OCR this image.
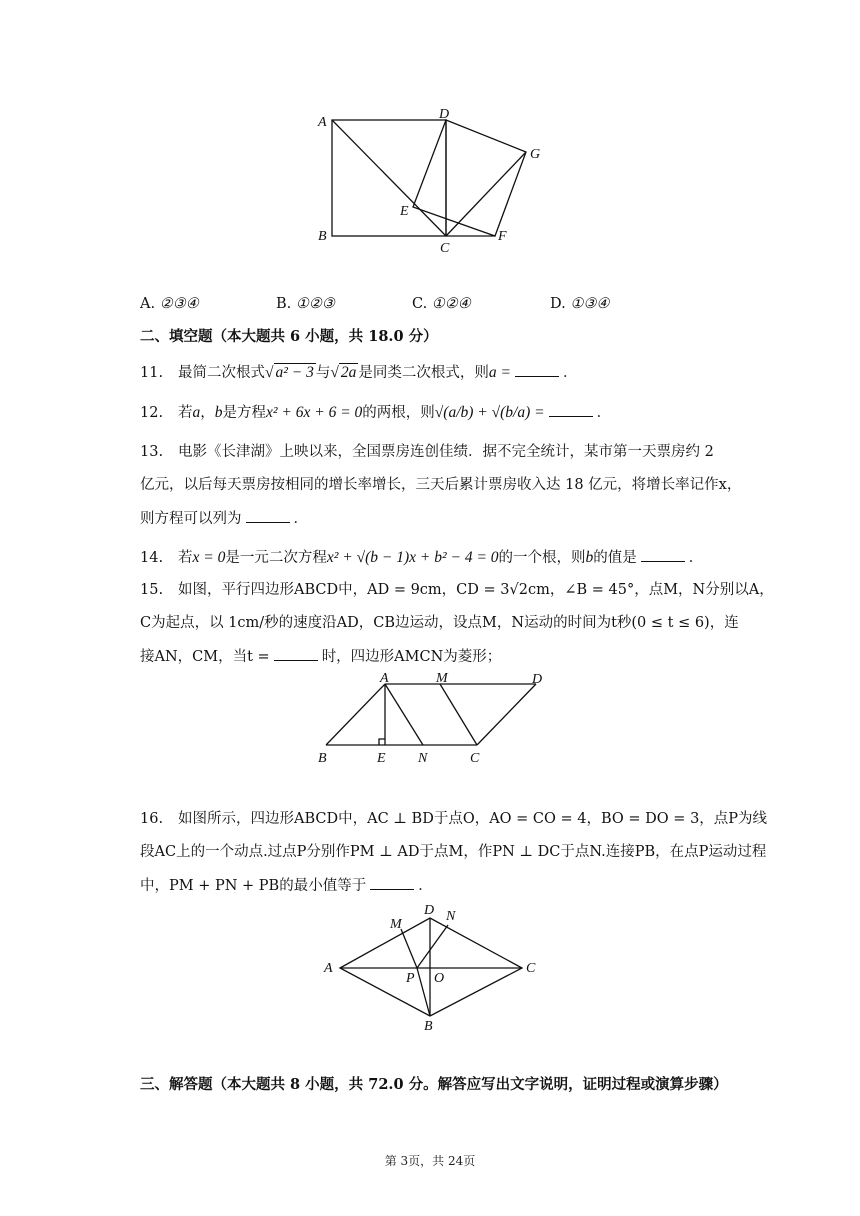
A
B
C
D
E
F
G
A. ②③④	B. ①②③	C. ①②④	D. ①③④
二、填空题（本大题共 6 小题，共 18.0 分）
11. 最简二次根式√ a² − 3 与√ 2a 是同类二次根式，则a =	．
12. 若a，b是方程x² + 6x + 6 = 0的两根，则√(a/b) + √(b/a) =	．
13. 电影《长津湖》上映以来，全国票房连创佳绩．据不完全统计，某市第一天票房约 2
亿元，以后每天票房按相同的增长率增长，三天后累计票房收入达 18 亿元，将增长率记作x，
则方程可以列为	．
14. 若x = 0是一元二次方程x² + √(b − 1)x + b² − 4 = 0的一个根，则b的值是	．
15. 如图，平行四边形ABCD中，AD = 9cm，CD = 3√2cm，∠B = 45°，点M，N分别以A，
C为起点，以 1cm/秒的速度沿AD，CB边运动，设点M，N运动的时间为t秒(0 ≤ t ≤ 6)，连
接AN，CM，当t =	时，四边形AMCN为菱形；
A	M	D
B	E N	C
16. 如图所示，四边形ABCD中，AC ⊥ BD于点O，AO = CO = 4，BO = DO = 3，点P为线
段AC上的一个动点.过点P分别作PM ⊥ AD于点M，作PN ⊥ DC于点N.连接PB，在点P运动过程
中，PM + PN + PB的最小值等于	．
M
D N
A
P O
C
B
三、解答题（本大题共 8 小题，共 72.0 分。解答应写出文字说明，证明过程或演算步骤）
第 3页，共 24页
